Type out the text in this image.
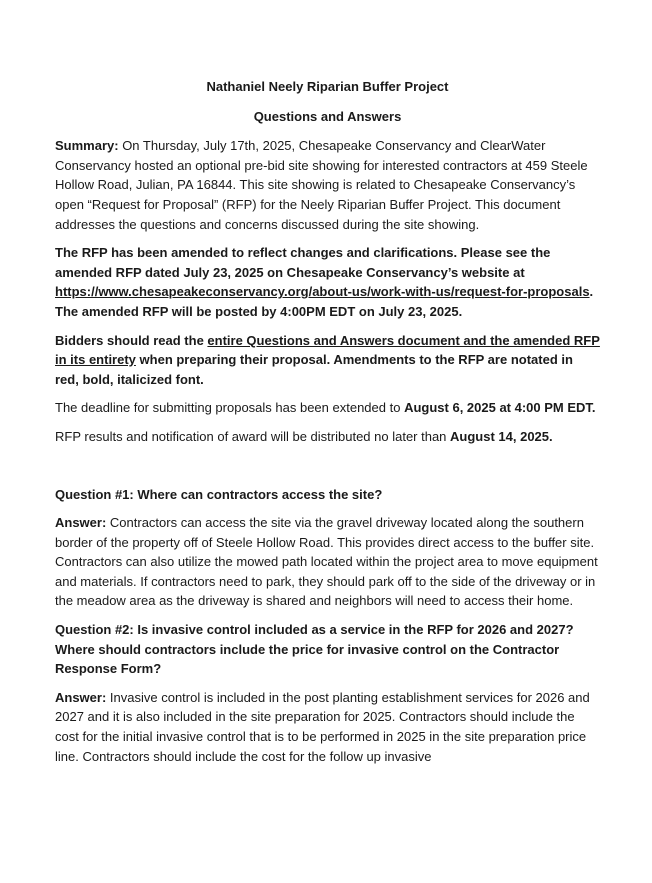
Nathaniel Neely Riparian Buffer Project
Questions and Answers

Summary: On Thursday, July 17th, 2025, Chesapeake Conservancy and ClearWater Conservancy hosted an optional pre-bid site showing for interested contractors at 459 Steele Hollow Road, Julian, PA 16844. This site showing is related to Chesapeake Conservancy’s open “Request for Proposal” (RFP) for the Neely Riparian Buffer Project. This document addresses the questions and concerns discussed during the site showing.

The RFP has been amended to reflect changes and clarifications. Please see the amended RFP dated July 23, 2025 on Chesapeake Conservancy’s website at https://www.chesapeakeconservancy.org/about-us/work-with-us/request-for-proposals. The amended RFP will be posted by 4:00PM EDT on July 23, 2025.

Bidders should read the entire Questions and Answers document and the amended RFP in its entirety when preparing their proposal. Amendments to the RFP are notated in red, bold, italicized font.

The deadline for submitting proposals has been extended to August 6, 2025 at 4:00 PM EDT.

RFP results and notification of award will be distributed no later than August 14, 2025.

Question #1: Where can contractors access the site?

Answer: Contractors can access the site via the gravel driveway located along the southern border of the property off of Steele Hollow Road. This provides direct access to the buffer site. Contractors can also utilize the mowed path located within the project area to move equipment and materials. If contractors need to park, they should park off to the side of the driveway or in the meadow area as the driveway is shared and neighbors will need to access their home.

Question #2: Is invasive control included as a service in the RFP for 2026 and 2027? Where should contractors include the price for invasive control on the Contractor Response Form?

Answer: Invasive control is included in the post planting establishment services for 2026 and 2027 and it is also included in the site preparation for 2025. Contractors should include the cost for the initial invasive control that is to be performed in 2025 in the site preparation price line. Contractors should include the cost for the follow up invasive
